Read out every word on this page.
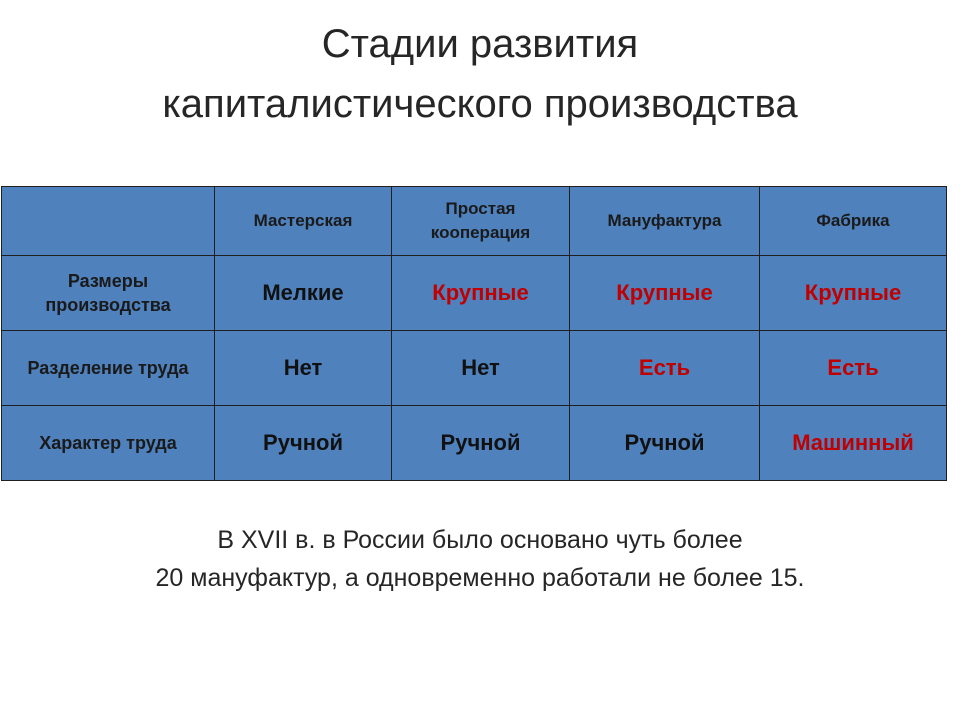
Стадии развития
капиталистического производства
	Мастерская	Простая кооперация	Мануфактура	Фабрика
Размеры производства	Мелкие	Крупные	Крупные	Крупные
Разделение труда	Нет	Нет	Есть	Есть
Характер труда	Ручной	Ручной	Ручной	Машинный

В XVII в. в России было основано чуть более
20 мануфактур, а одновременно работали не более 15.
